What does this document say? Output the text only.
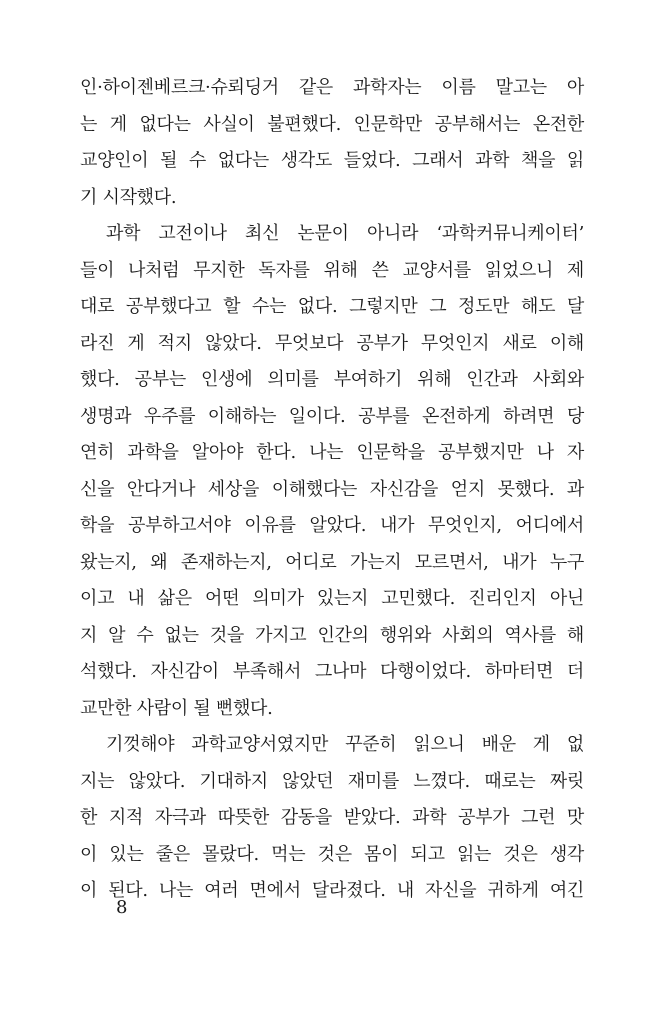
인·하이젠베르크·슈뢰딩거 같은 과학자는 이름 말고는 아
는 게 없다는 사실이 불편했다. 인문학만 공부해서는 온전한
교양인이 될 수 없다는 생각도 들었다. 그래서 과학 책을 읽
기 시작했다.
과학 고전이나 최신 논문이 아니라 ‘과학커뮤니케이터’
들이 나처럼 무지한 독자를 위해 쓴 교양서를 읽었으니 제
대로 공부했다고 할 수는 없다. 그렇지만 그 정도만 해도 달
라진 게 적지 않았다. 무엇보다 공부가 무엇인지 새로 이해
했다. 공부는 인생에 의미를 부여하기 위해 인간과 사회와
생명과 우주를 이해하는 일이다. 공부를 온전하게 하려면 당
연히 과학을 알아야 한다. 나는 인문학을 공부했지만 나 자
신을 안다거나 세상을 이해했다는 자신감을 얻지 못했다. 과
학을 공부하고서야 이유를 알았다. 내가 무엇인지, 어디에서
왔는지, 왜 존재하는지, 어디로 가는지 모르면서, 내가 누구
이고 내 삶은 어떤 의미가 있는지 고민했다. 진리인지 아닌
지 알 수 없는 것을 가지고 인간의 행위와 사회의 역사를 해
석했다. 자신감이 부족해서 그나마 다행이었다. 하마터면 더
교만한 사람이 될 뻔했다.
기껏해야 과학교양서였지만 꾸준히 읽으니 배운 게 없
지는 않았다. 기대하지 않았던 재미를 느꼈다. 때로는 짜릿
한 지적 자극과 따뜻한 감동을 받았다. 과학 공부가 그런 맛
이 있는 줄은 몰랐다. 먹는 것은 몸이 되고 읽는 것은 생각
이 된다. 나는 여러 면에서 달라졌다. 내 자신을 귀하게 여긴
8
